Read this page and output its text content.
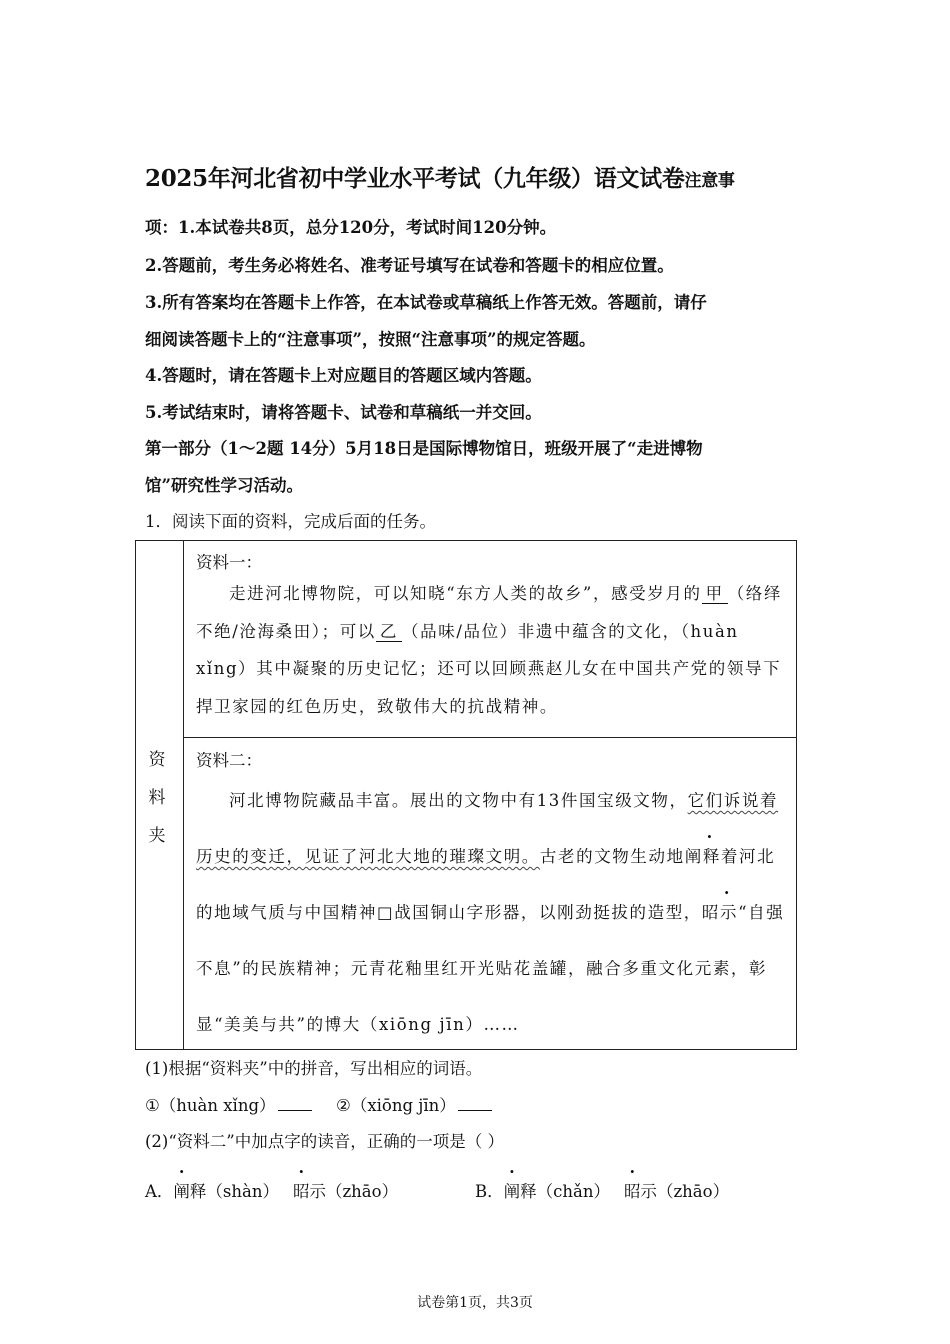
2025年河北省初中学业水平考试（九年级）语文试卷注意事
项：1.本试卷共8页，总分120分，考试时间120分钟。
2.答题前，考生务必将姓名、准考证号填写在试卷和答题卡的相应位置。
3.所有答案均在答题卡上作答，在本试卷或草稿纸上作答无效。答题前，请仔
细阅读答题卡上的“注意事项”，按照“注意事项”的规定答题。
4.答题时，请在答题卡上对应题目的答题区域内答题。
5.考试结束时，请将答题卡、试卷和草稿纸一并交回。
第一部分（1～2题 14分）5月18日是国际博物馆日，班级开展了“走进博物
馆”研究性学习活动。
1．阅读下面的资料，完成后面的任务。
资
料
夹
资料一：

走进河北博物院，可以知晓“东方人类的故乡”，感受岁月的 甲 （络绎不绝/沧海桑田）；可以 乙 （品味/品位）非遗中蕴含的文化，（huàn xǐng）其中凝聚的历史记忆；还可以回顾燕赵儿女在中国共产党的领导下捍卫家园的红色历史，致敬伟大的抗战精神。

资料二：

河北博物院藏品丰富。展出的文物中有13件国宝级文物，它们诉说着历史的变迁，见证了河北大地的璀璨文明。古老的文物生动地阐释着河北的地域气质与中国精神□战国铜山字形器，以刚劲挺拔的造型，昭示“自强不息”的民族精神；元青花釉里红开光贴花盖罐，融合多重文化元素，彰显“美美与共”的博大（xiōng jīn）……

(1)根据“资料夹”中的拼音，写出相应的词语。
①（huàn xǐng）	②（xiōng jīn）
(2)“资料二”中加点字的读音，正确的一项是（ ）
A．阐释（shàn） 昭示（zhāo）	B．阐释（chǎn） 昭示（zhāo）
试卷第1页，共3页
